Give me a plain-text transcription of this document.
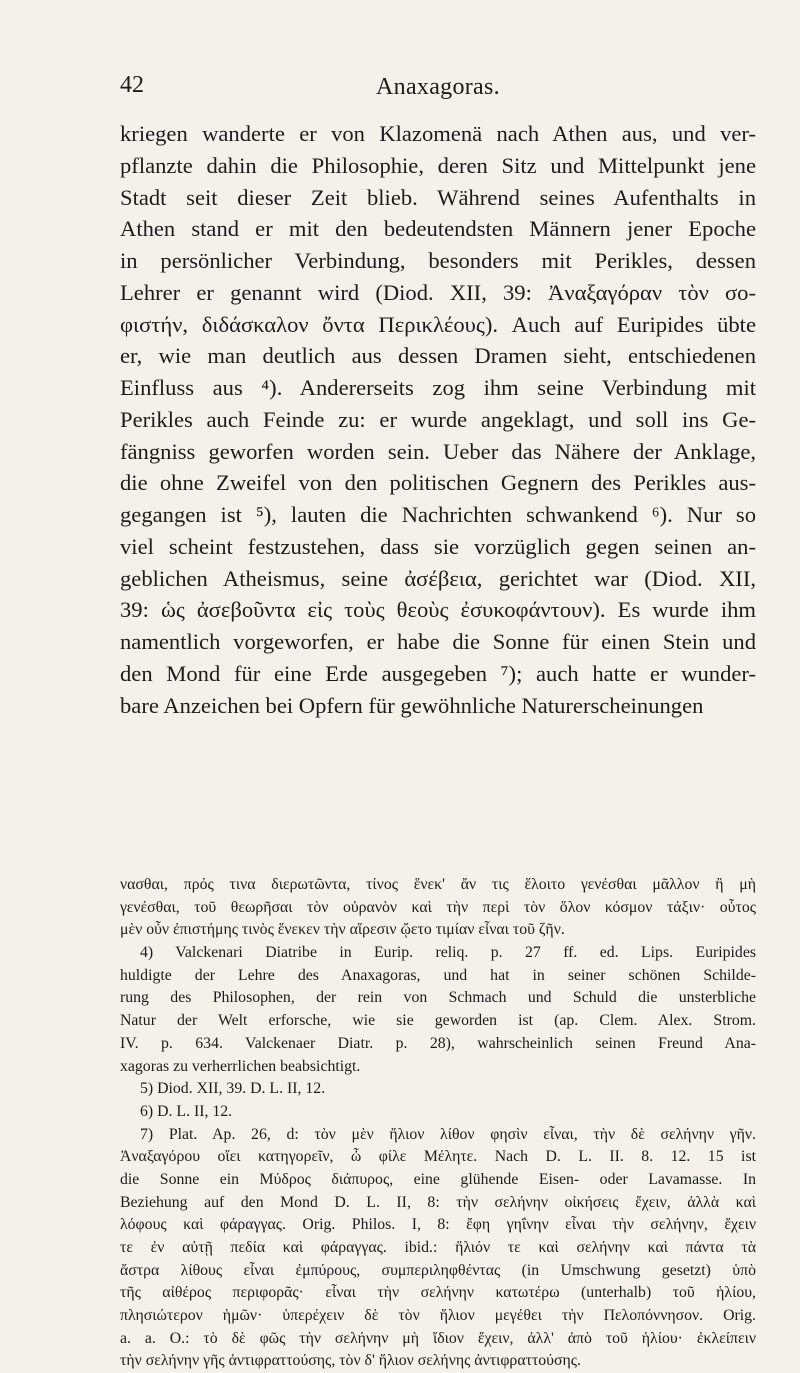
42	Anaxagoras.
kriegen wanderte er von Klazomenä nach Athen aus, und ver-
pflanzte dahin die Philosophie, deren Sitz und Mittelpunkt jene
Stadt seit dieser Zeit blieb. Während seines Aufenthalts in
Athen stand er mit den bedeutendsten Männern jener Epoche
in persönlicher Verbindung, besonders mit Perikles, dessen
Lehrer er genannt wird (Diod. XII, 39: Ἀναξαγόραν τὸν σο-
φιστήν, διδάσκαλον ὄντα Περικλέους). Auch auf Euripides übte
er, wie man deutlich aus dessen Dramen sieht, entschiedenen
Einfluss aus ⁴). Andererseits zog ihm seine Verbindung mit
Perikles auch Feinde zu: er wurde angeklagt, und soll ins Ge-
fängniss geworfen worden sein. Ueber das Nähere der Anklage,
die ohne Zweifel von den politischen Gegnern des Perikles aus-
gegangen ist ⁵), lauten die Nachrichten schwankend ⁶). Nur so
viel scheint festzustehen, dass sie vorzüglich gegen seinen an-
geblichen Atheismus, seine ἀσέβεια, gerichtet war (Diod. XII,
39: ὡς ἀσεβοῦντα εἰς τοὺς θεοὺς ἐσυκοφάντουν). Es wurde ihm
namentlich vorgeworfen, er habe die Sonne für einen Stein und
den Mond für eine Erde ausgegeben ⁷); auch hatte er wunder-
bare Anzeichen bei Opfern für gewöhnliche Naturerscheinungen
νασθαι, πρός τινα διερωτῶντα, τίνος ἕνεκ' ἄν τις ἕλοιτο γενέσθαι μᾶλλον ἢ μὴ
γενέσθαι, τοῦ θεωρῆσαι τὸν οὐρανὸν καὶ τὴν περὶ τὸν ὅλον κόσμον τάξιν· οὗτος
μὲν οὖν ἐπιστήμης τινὸς ἕνεκεν τὴν αἵρεσιν ᾤετο τιμίαν εἶναι τοῦ ζῆν.
4) Valckenari Diatribe in Eurip. reliq. p. 27 ff. ed. Lips. Euripides
huldigte der Lehre des Anaxagoras, und hat in seiner schönen Schilde-
rung des Philosophen, der rein von Schmach und Schuld die unsterbliche
Natur der Welt erforsche, wie sie geworden ist (ap. Clem. Alex. Strom.
IV. p. 634. Valckenaer Diatr. p. 28), wahrscheinlich seinen Freund Ana-
xagoras zu verherrlichen beabsichtigt.
5) Diod. XII, 39. D. L. II, 12.
6) D. L. II, 12.
7) Plat. Ap. 26, d: τὸν μὲν ἥλιον λίθον φησὶν εἶναι, τὴν δὲ σελήνην γῆν.
Ἀναξαγόρου οἴει κατηγορεῖν, ὦ φίλε Μέλητε. Nach D. L. II. 8. 12. 15 ist
die Sonne ein Μύδρος διάπυρος, eine glühende Eisen- oder Lavamasse. In
Beziehung auf den Mond D. L. II, 8: τὴν σελήνην οἰκήσεις ἔχειν, ἀλλὰ καὶ
λόφους καὶ φάραγγας. Orig. Philos. I, 8: ἔφη γηΐνην εἶναι τὴν σελήνην, ἔχειν
τε ἐν αὐτῇ πεδία καὶ φάραγγας. ibid.: ἥλιόν τε καὶ σελήνην καὶ πάντα τὰ
ἄστρα λίθους εἶναι ἐμπύρους, συμπεριληφθέντας (in Umschwung gesetzt) ὑπὸ
τῆς αἰθέρος περιφορᾶς· εἶναι τὴν σελήνην κατωτέρω (unterhalb) τοῦ ἡλίου,
πλησιώτερον ἡμῶν· ὑπερέχειν δὲ τὸν ἥλιον μεγέθει τὴν Πελοπόννησον. Orig.
a. a. O.: τὸ δὲ φῶς τὴν σελήνην μὴ ἴδιον ἔχειν, ἀλλ' ἀπὸ τοῦ ἡλίου· ἐκλείπειν
τὴν σελήνην γῆς ἀντιφραττούσης, τὸν δ' ἥλιον σελήνης ἀντιφραττούσης.
